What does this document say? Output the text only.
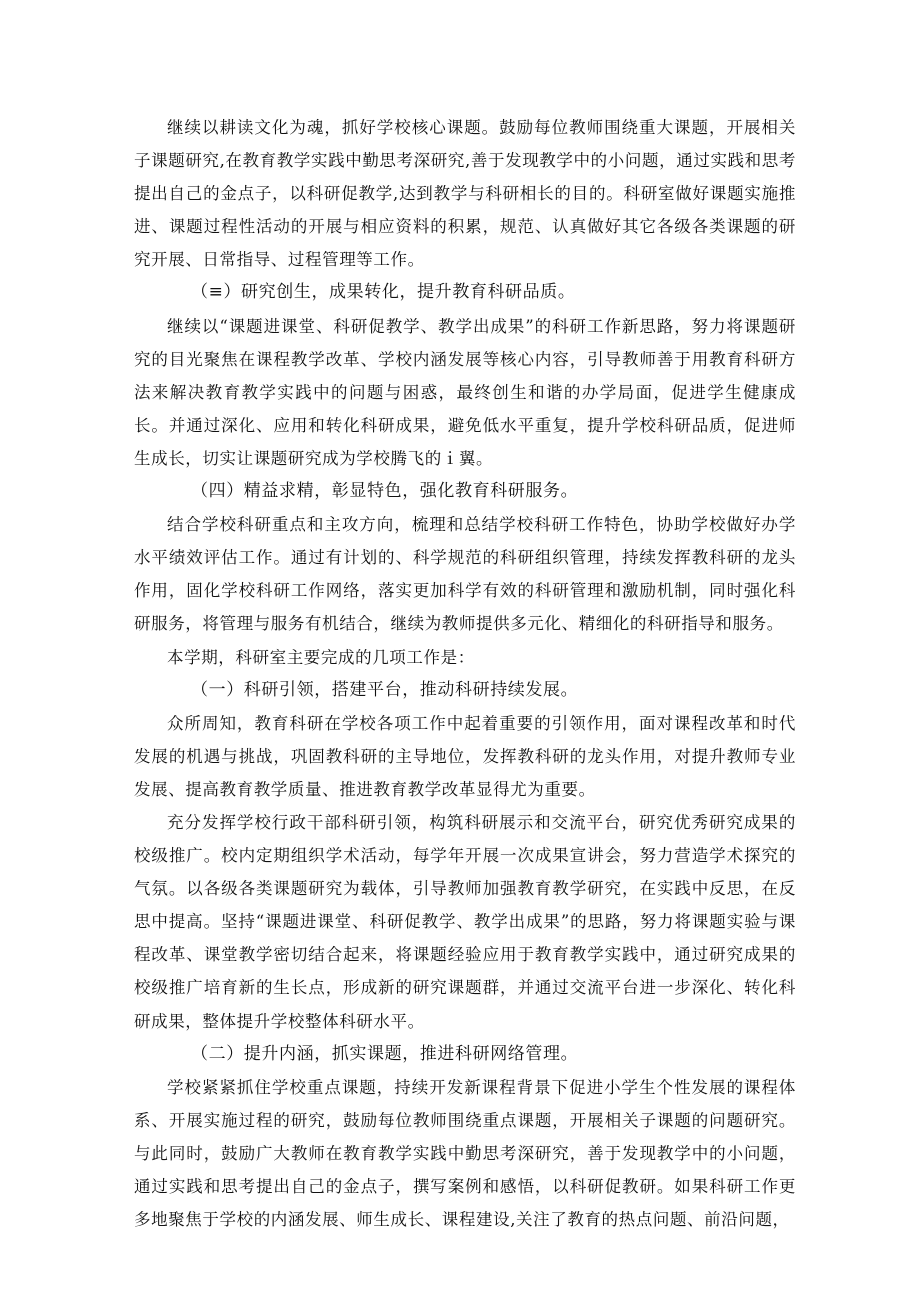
继续以耕读文化为魂，抓好学校核心课题。鼓励每位教师围绕重大课题，开展相关子课题研究,在教育教学实践中勤思考深研究,善于发现教学中的小问题，通过实践和思考提出自己的金点子，以科研促教学,达到教学与科研相长的目的。科研室做好课题实施推进、课题过程性活动的开展与相应资料的积累，规范、认真做好其它各级各类课题的研究开展、日常指导、过程管理等工作。

（≡）研究创生，成果转化，提升教育科研品质。

继续以“课题进课堂、科研促教学、教学出成果”的科研工作新思路，努力将课题研究的目光聚焦在课程教学改革、学校内涵发展等核心内容，引导教师善于用教育科研方法来解决教育教学实践中的问题与困惑，最终创生和谐的办学局面，促进学生健康成长。并通过深化、应用和转化科研成果，避免低水平重复，提升学校科研品质，促进师生成长，切实让课题研究成为学校腾飞的ｉ翼。

（四）精益求精，彰显特色，强化教育科研服务。

结合学校科研重点和主攻方向，梳理和总结学校科研工作特色，协助学校做好办学水平绩效评估工作。通过有计划的、科学规范的科研组织管理，持续发挥教科研的龙头作用，固化学校科研工作网络，落实更加科学有效的科研管理和激励机制，同时强化科研服务，将管理与服务有机结合，继续为教师提供多元化、精细化的科研指导和服务。

本学期，科研室主要完成的几项工作是：

（一）科研引领，搭建平台，推动科研持续发展。

众所周知，教育科研在学校各项工作中起着重要的引领作用，面对课程改革和时代发展的机遇与挑战，巩固教科研的主导地位，发挥教科研的龙头作用，对提升教师专业发展、提高教育教学质量、推进教育教学改革显得尤为重要。

充分发挥学校行政干部科研引领，构筑科研展示和交流平台，研究优秀研究成果的校级推广。校内定期组织学术活动，每学年开展一次成果宣讲会，努力营造学术探究的气氛。以各级各类课题研究为载体，引导教师加强教育教学研究，在实践中反思，在反思中提高。坚持“课题进课堂、科研促教学、教学出成果”的思路，努力将课题实验与课程改革、课堂教学密切结合起来，将课题经验应用于教育教学实践中，通过研究成果的校级推广培育新的生长点，形成新的研究课题群，并通过交流平台进一步深化、转化科研成果，整体提升学校整体科研水平。

（二）提升内涵，抓实课题，推进科研网络管理。

学校紧紧抓住学校重点课题，持续开发新课程背景下促进小学生个性发展的课程体系、开展实施过程的研究，鼓励每位教师围绕重点课题，开展相关子课题的问题研究。与此同时，鼓励广大教师在教育教学实践中勤思考深研究，善于发现教学中的小问题，通过实践和思考提出自己的金点子，撰写案例和感悟，以科研促教研。如果科研工作更多地聚焦于学校的内涵发展、师生成长、课程建设,关注了教育的热点问题、前沿问题，
